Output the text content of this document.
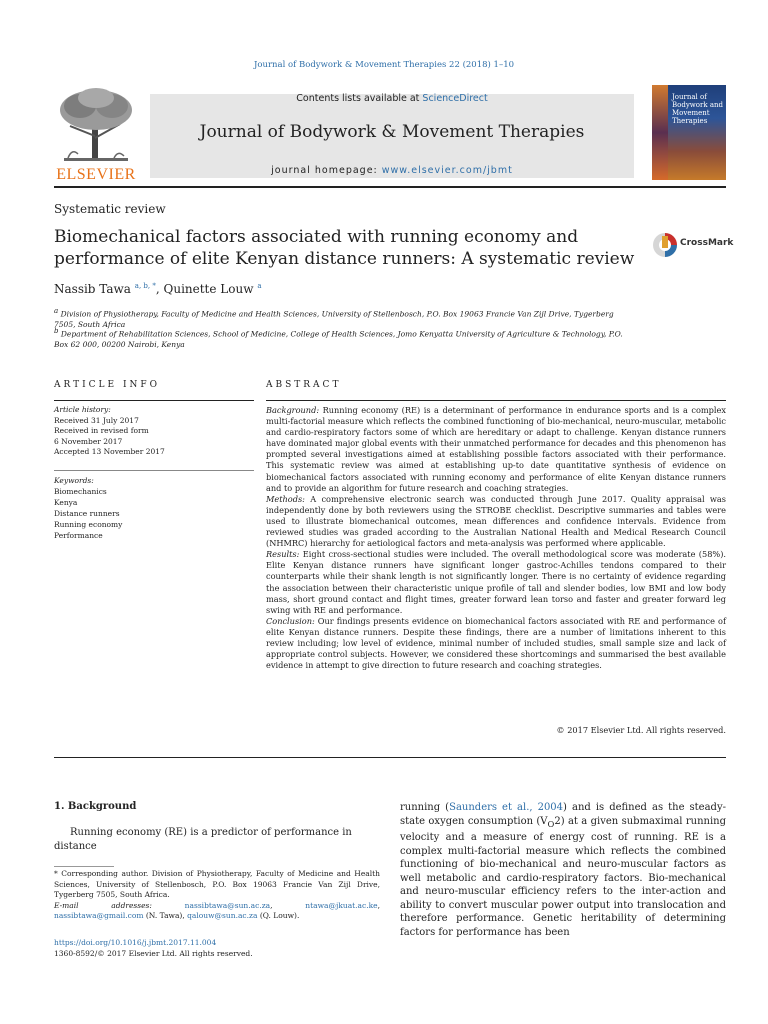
Journal of Bodywork & Movement Therapies 22 (2018) 1–10
ELSEVIER
Contents lists available at ScienceDirect
Journal of Bodywork & Movement Therapies
journal homepage: www.elsevier.com/jbmt
Journal of Bodywork and Movement Therapies
Systematic review
Biomechanical factors associated with running economy and performance of elite Kenyan distance runners: A systematic review
CrossMark
Nassib Tawa $^{a, b, *}$, Quinette Louw $^a$
$^a$ Division of Physiotherapy, Faculty of Medicine and Health Sciences, University of Stellenbosch, P.O. Box 19063 Francie Van Zijl Drive, Tygerberg 7505, South Africa
$^b$ Department of Rehabilitation Sciences, School of Medicine, College of Health Sciences, Jomo Kenyatta University of Agriculture & Technology, P.O. Box 62 000, 00200 Nairobi, Kenya
ARTICLE INFO	ABSTRACT
Article history:
Received 31 July 2017
Received in revised form
6 November 2017
Accepted 13 November 2017
Keywords:
Biomechanics
Kenya
Distance runners
Running economy
Performance

Background: Running economy (RE) is a determinant of performance in endurance sports and is a complex multi-factorial measure which reflects the combined functioning of bio-mechanical, neuro-muscular, metabolic and cardio-respiratory factors some of which are hereditary or adapt to challenge. Kenyan distance runners have dominated major global events with their unmatched performance for decades and this phenomenon has prompted several investigations aimed at establishing possible factors associated with their performance. This systematic review was aimed at establishing up-to date quantitative synthesis of evidence on biomechanical factors associated with running economy and performance of elite Kenyan distance runners and to provide an algorithm for future research and coaching strategies.

Methods: A comprehensive electronic search was conducted through June 2017. Quality appraisal was independently done by both reviewers using the STROBE checklist. Descriptive summaries and tables were used to illustrate biomechanical outcomes, mean differences and confidence intervals. Evidence from reviewed studies was graded according to the Australian National Health and Medical Research Council (NHMRC) hierarchy for aetiological factors and meta-analysis was performed where applicable.

Results: Eight cross-sectional studies were included. The overall methodological score was moderate (58%). Elite Kenyan distance runners have significant longer gastroc-Achilles tendons compared to their counterparts while their shank length is not significantly longer. There is no certainty of evidence regarding the association between their characteristic unique profile of tall and slender bodies, low BMI and low body mass, short ground contact and flight times, greater forward lean torso and faster and greater forward leg swing with RE and performance.

Conclusion: Our findings presents evidence on biomechanical factors associated with RE and performance of elite Kenyan distance runners. Despite these findings, there are a number of limitations inherent to this review including; low level of evidence, minimal number of included studies, small sample size and lack of appropriate control subjects. However, we considered these shortcomings and summarised the best available evidence in attempt to give direction to future research and coaching strategies.

© 2017 Elsevier Ltd. All rights reserved.
1. Background
Running economy (RE) is a predictor of performance in distance
* Corresponding author. Division of Physiotherapy, Faculty of Medicine and Health Sciences, University of Stellenbosch, P.O. Box 19063 Francie Van Zijl Drive, Tygerberg 7505, South Africa.
E-mail addresses: nassibtawa@sun.ac.za, ntawa@jkuat.ac.ke, nassibtawa@gmail.com (N. Tawa), qalouw@sun.ac.za (Q. Louw).
https://doi.org/10.1016/j.jbmt.2017.11.004
1360-8592/© 2017 Elsevier Ltd. All rights reserved.
running (Saunders et al., 2004) and is defined as the steady-state oxygen consumption $(V_O2)$ at a given submaximal running velocity and a measure of energy cost of running. RE is a complex multi-factorial measure which reflects the combined functioning of bio-mechanical and neuro-muscular factors as well metabolic and cardio-respiratory factors. Bio-mechanical and neuro-muscular efficiency refers to the inter-action and ability to convert muscular power output into translocation and therefore performance. Genetic heritability of determining factors for performance has been
